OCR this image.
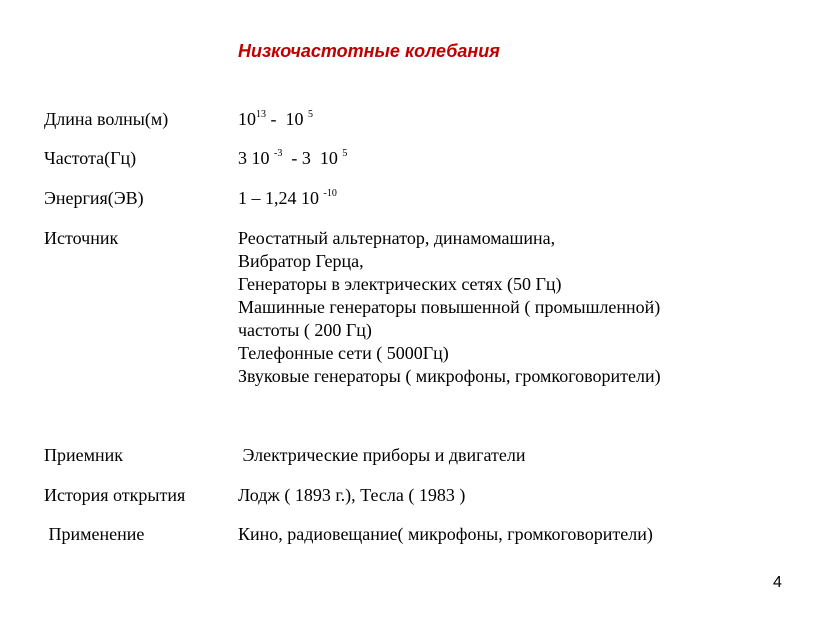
Низкочастотные колебания
Длина волны(м)	$10^{13} - 10$ $^5$
Частота(Гц)	3 10 $^{-3}$  - 3  10 $^5$
Энергия(ЭВ)	1 – 1,24 10 $^{-10}$
Источник	Реостатный альтернатор, динамомашина,
Вибратор Герца,
Генераторы в электрических сетях (50 Гц)
Машинные генераторы повышенной ( промышленной)
частоты ( 200 Гц)
Телефонные сети ( 5000Гц)
Звуковые генераторы ( микрофоны, громкоговорители)
Приемник	Электрические приборы и двигатели
История открытия	Лодж ( 1893 г.), Тесла ( 1983 )
Применение	Кино, радиовещание( микрофоны, громкоговорители)
4
